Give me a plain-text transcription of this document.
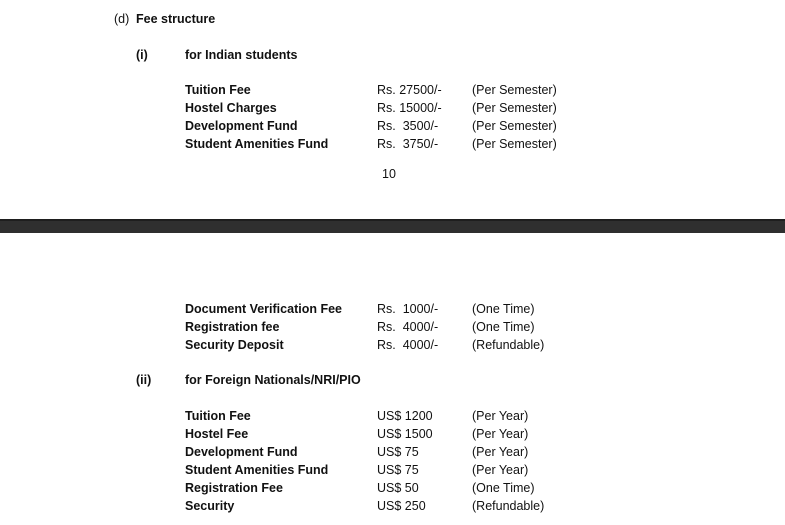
(d) Fee structure
(i)	for Indian students
Tuition Fee	Rs. 27500/- (Per Semester)
Hostel Charges	Rs. 15000/- (Per Semester)
Development Fund	Rs.  3500/-	(Per Semester)
Student Amenities Fund	Rs.  3750/-	(Per Semester)
10
Document Verification Fee	Rs.  1000/-	(One Time)
Registration fee	Rs.  4000/-	(One Time)
Security Deposit	Rs.  4000/-	(Refundable)
(ii)	for Foreign Nationals/NRI/PIO
Tuition Fee	US$ 1200	(Per Year)
Hostel Fee	US$ 1500	(Per Year)
Development Fund	US$ 75	(Per Year)
Student Amenities Fund	US$ 75	(Per Year)
Registration Fee	US$ 50	(One Time)
Security	US$ 250	(Refundable)
